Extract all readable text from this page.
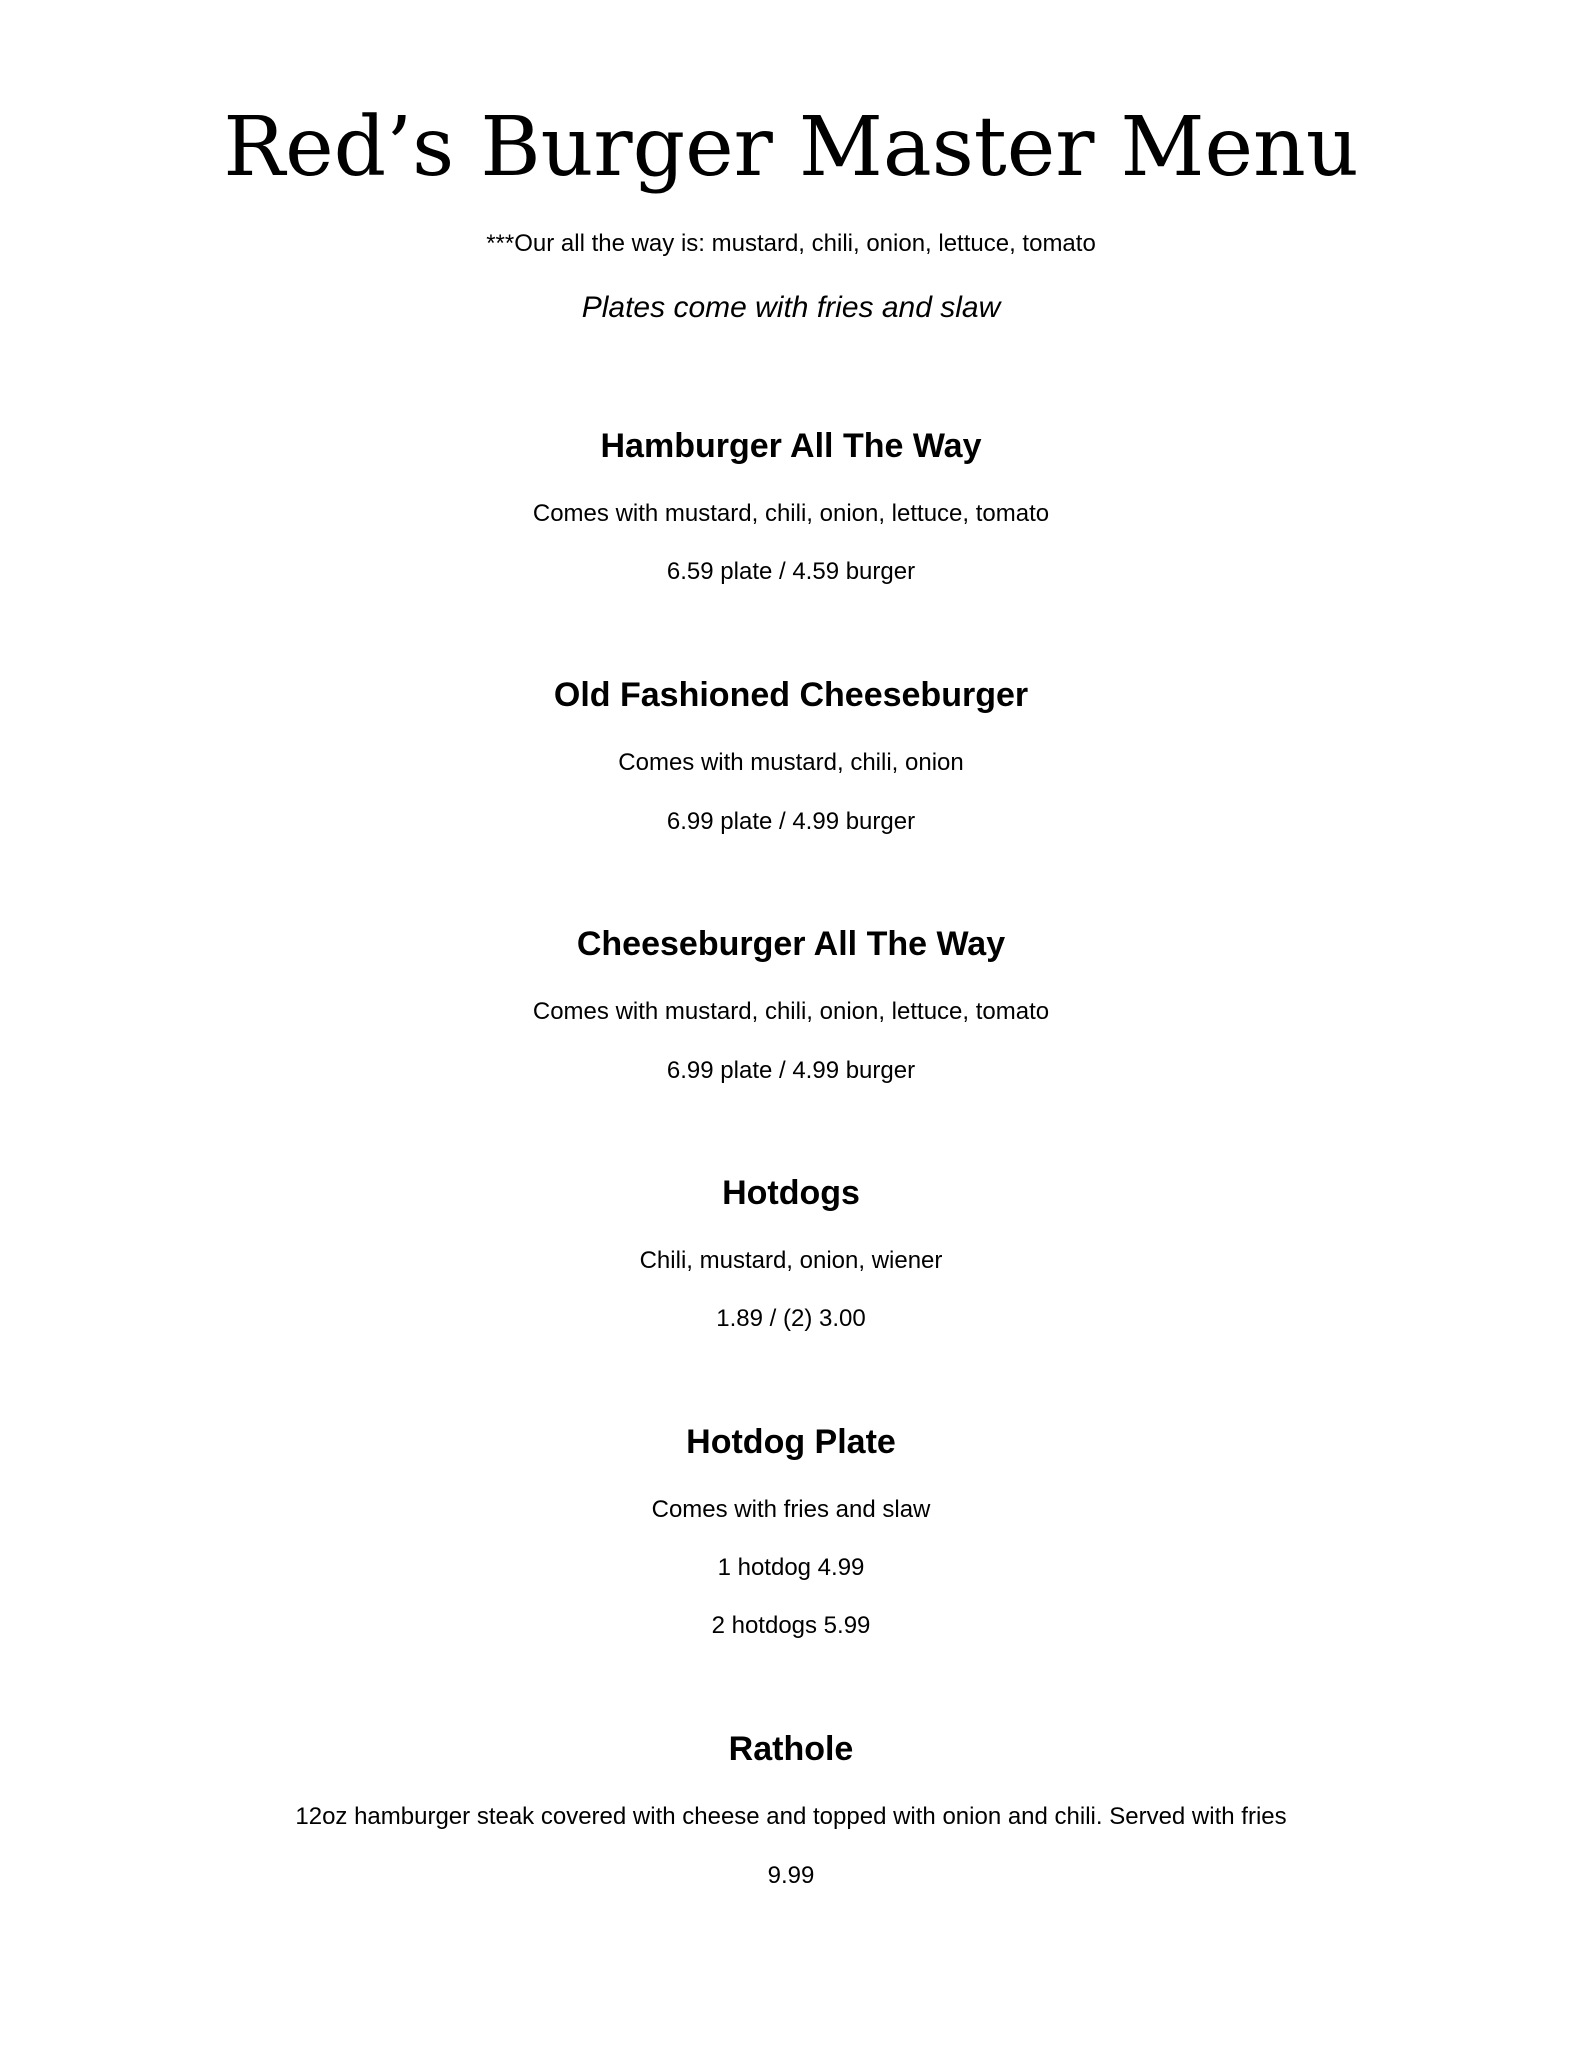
Red’s Burger Master Menu
***Our all the way is: mustard, chili, onion, lettuce, tomato
Plates come with fries and slaw
Hamburger All The Way
Comes with mustard, chili, onion, lettuce, tomato
6.59 plate / 4.59 burger
Old Fashioned Cheeseburger
Comes with mustard, chili, onion
6.99 plate / 4.99 burger
Cheeseburger All The Way
Comes with mustard, chili, onion, lettuce, tomato
6.99 plate / 4.99 burger
Hotdogs
Chili, mustard, onion, wiener
1.89 / (2) 3.00
Hotdog Plate
Comes with fries and slaw
1 hotdog 4.99
2 hotdogs 5.99
Rathole
12oz hamburger steak covered with cheese and topped with onion and chili. Served with fries
9.99
